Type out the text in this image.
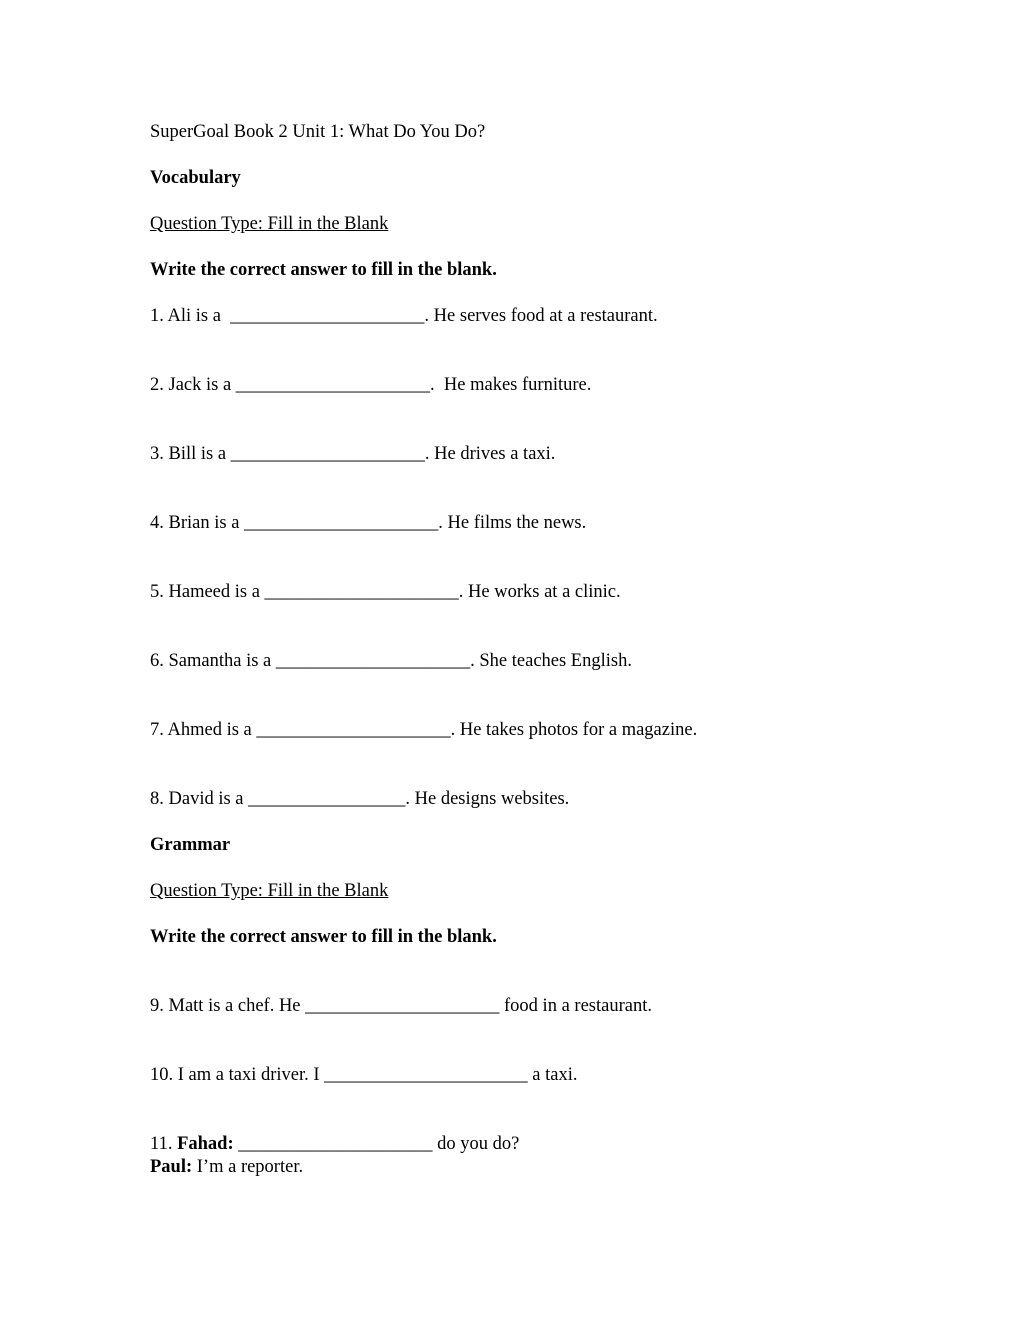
SuperGoal Book 2 Unit 1: What Do You Do?
Vocabulary
Question Type: Fill in the Blank
Write the correct answer to fill in the blank.
1. Ali is a  _____________________. He serves food at a restaurant.
2. Jack is a _____________________.  He makes furniture.
3. Bill is a _____________________. He drives a taxi.
4. Brian is a _____________________. He films the news.
5. Hameed is a _____________________. He works at a clinic.
6. Samantha is a _____________________. She teaches English.
7. Ahmed is a _____________________. He takes photos for a magazine.
8. David is a _________________. He designs websites.
Grammar
Question Type: Fill in the Blank
Write the correct answer to fill in the blank.
9. Matt is a chef. He _____________________ food in a restaurant.
10. I am a taxi driver. I ______________________ a taxi.
11. Fahad: _____________________ do you do?
Paul: I’m a reporter.
